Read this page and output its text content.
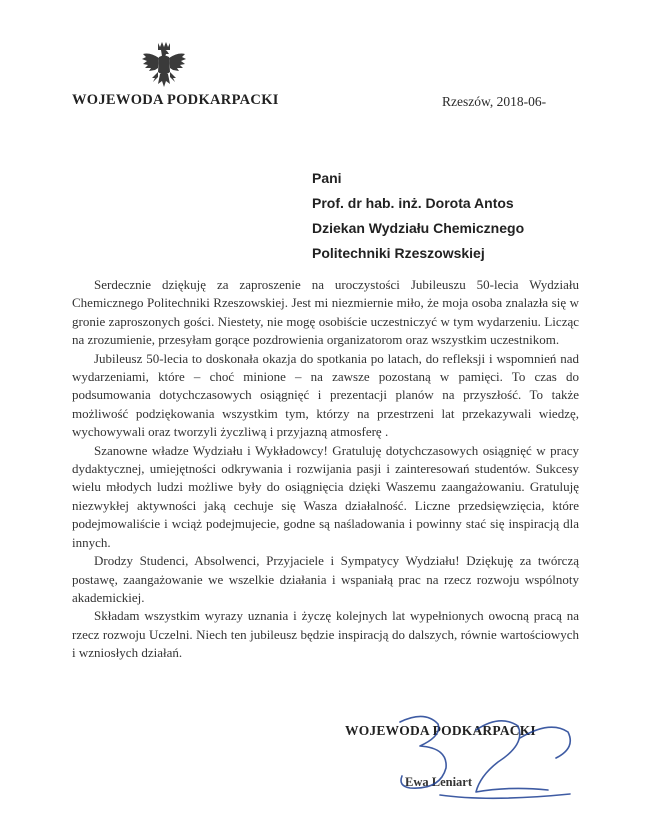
WOJEWODA PODKARPACKI	Rzeszów, 2018-06-
Pani
Prof. dr hab. inż. Dorota Antos
Dziekan Wydziału Chemicznego
Politechniki Rzeszowskiej

Serdecznie dziękuję za zaproszenie na uroczystości Jubileuszu 50-lecia Wydziału Chemicznego Politechniki Rzeszowskiej. Jest mi niezmiernie miło, że moja osoba znalazła się w gronie zaproszonych gości. Niestety, nie mogę osobiście uczestniczyć w tym wydarzeniu. Licząc na zrozumienie, przesyłam gorące pozdrowienia organizatorom oraz wszystkim uczestnikom.

Jubileusz 50-lecia to doskonała okazja do spotkania po latach, do refleksji i wspomnień nad wydarzeniami, które – choć minione – na zawsze pozostaną w pamięci. To czas do podsumowania dotychczasowych osiągnięć i prezentacji planów na przyszłość. To także możliwość podziękowania wszystkim tym, którzy na przestrzeni lat przekazywali wiedzę, wychowywali oraz tworzyli życzliwą i przyjazną atmosferę .

Szanowne władze Wydziału i Wykładowcy! Gratuluję dotychczasowych osiągnięć w pracy dydaktycznej, umiejętności odkrywania i rozwijania pasji i zainteresowań studentów. Sukcesy wielu młodych ludzi możliwe były do osiągnięcia dzięki Waszemu zaangażowaniu. Gratuluję niezwykłej aktywności jaką cechuje się Wasza działalność. Liczne przedsięwzięcia, które podejmowaliście i wciąż podejmujecie, godne są naśladowania i powinny stać się inspiracją dla innych.

Drodzy Studenci, Absolwenci, Przyjaciele i Sympatycy Wydziału! Dziękuję za twórczą postawę, zaangażowanie we wszelkie działania i wspaniałą prac na rzecz rozwoju wspólnoty akademickiej.

Składam wszystkim wyrazy uznania i życzę kolejnych lat wypełnionych owocną pracą na rzecz rozwoju Uczelni. Niech ten jubileusz będzie inspiracją do dalszych, równie wartościowych i wzniosłych działań.

WOJEWODA PODKARPACKI
Ewa Leniart
